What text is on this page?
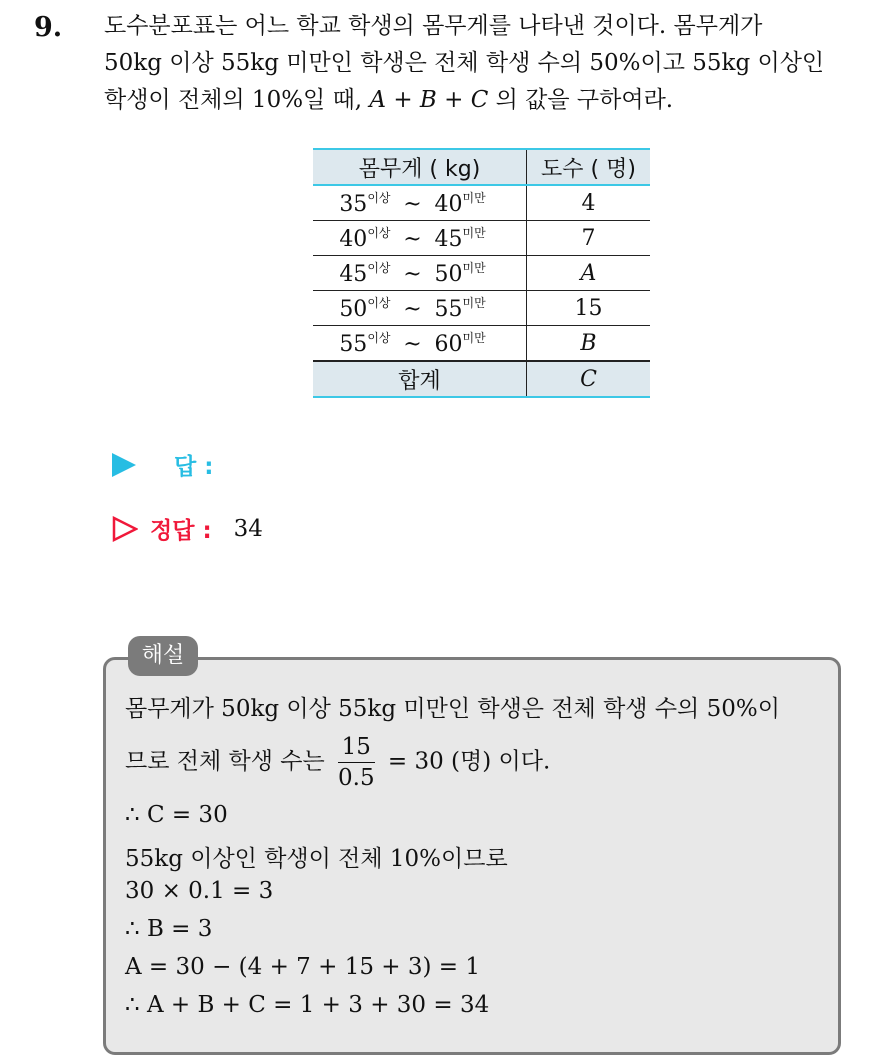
9. 도수분포표는 어느 학교 학생의 몸무게를 나타낸 것이다. 몸무게가
50kg 이상 55kg 미만인 학생은 전체 학생 수의 50%이고 55kg 이상인
학생이 전체의 10%일 때, A + B + C 의 값을 구하여라.
몸무게 ( kg)	도수 ( 명)

$35^{이상}$ ~ $40^{미만}$	4

$40^{이상}$ ~ $45^{미만}$	7

$45^{이상}$ ~ $50^{미만}$	A

$50^{이상}$ ~ $55^{미만}$	15

$55^{이상}$ ~ $60^{미만}$	B
합계	C
답 :
정답 : 34
해설
몸무게가 50kg 이상 55kg 미만인 학생은 전체 학생 수의 50%이
므로 전체 학생 수는 $\frac{15}{0.5} = 30$ (명) 이다.
∴ C = 30
55kg 이상인 학생이 전체 10%이므로
30 × 0.1 = 3
∴ B = 3
A = 30 − (4 + 7 + 15 + 3) = 1
∴ A + B + C = 1 + 3 + 30 = 34
